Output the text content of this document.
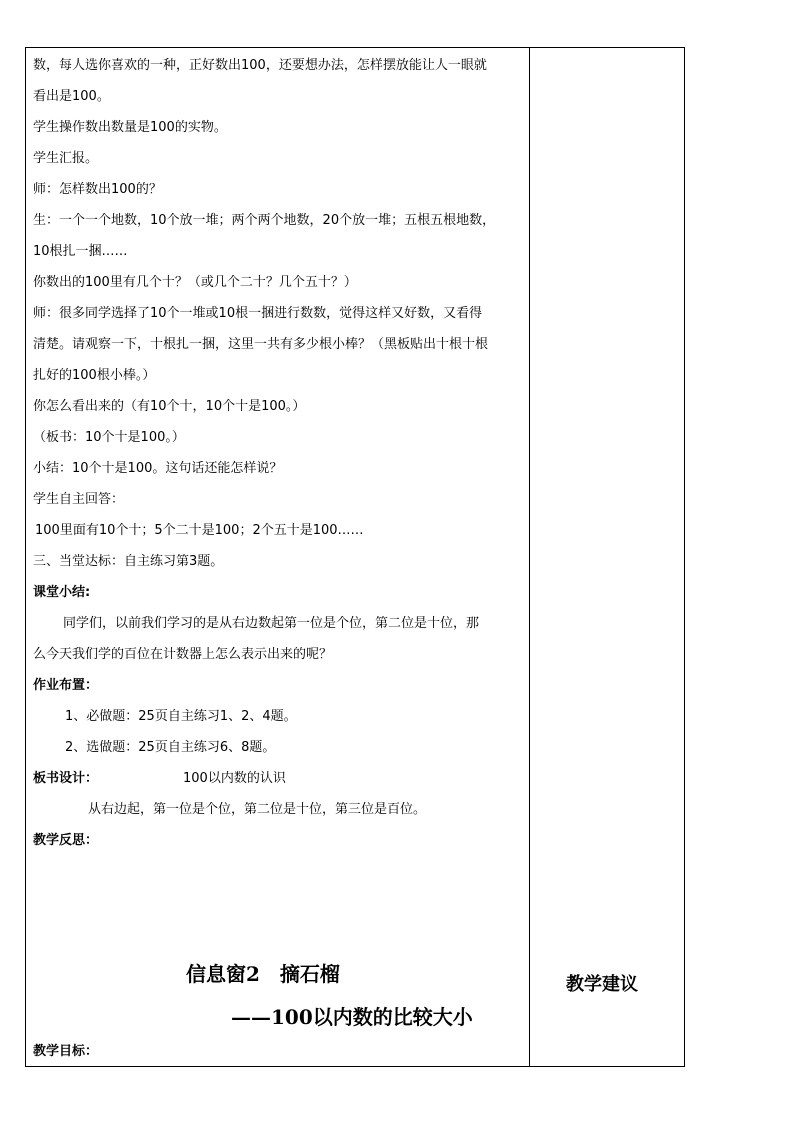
数，每人选你喜欢的一种，正好数出100，还要想办法，怎样摆放能让人一眼就
看出是100。
学生操作数出数量是100的实物。
学生汇报。
师：怎样数出100的？
生：一个一个地数，10个放一堆；两个两个地数，20个放一堆；五根五根地数，
10根扎一捆……
你数出的100里有几个十？（或几个二十？几个五十？）
师：很多同学选择了10个一堆或10根一捆进行数数，觉得这样又好数，又看得
清楚。请观察一下，十根扎一捆，这里一共有多少根小棒？（黑板贴出十根十根
扎好的100根小棒。）
你怎么看出来的（有10个十，10个十是100。）
（板书：10个十是100。）
小结：10个十是100。这句话还能怎样说？
学生自主回答：
100里面有10个十；5个二十是100；2个五十是100……
三、当堂达标：自主练习第3题。
课堂小结:
同学们，以前我们学习的是从右边数起第一位是个位，第二位是十位，那
么今天我们学的百位在计数器上怎么表示出来的呢？
作业布置：
1、必做题：25页自主练习1、2、4题。
2、选做题：25页自主练习6、8题。
板书设计：	100以内数的认识
从右边起，第一位是个位，第二位是十位，第三位是百位。
教学反思：
信息窗2　摘石榴
——100以内数的比较大小
教学目标：
教学建议
